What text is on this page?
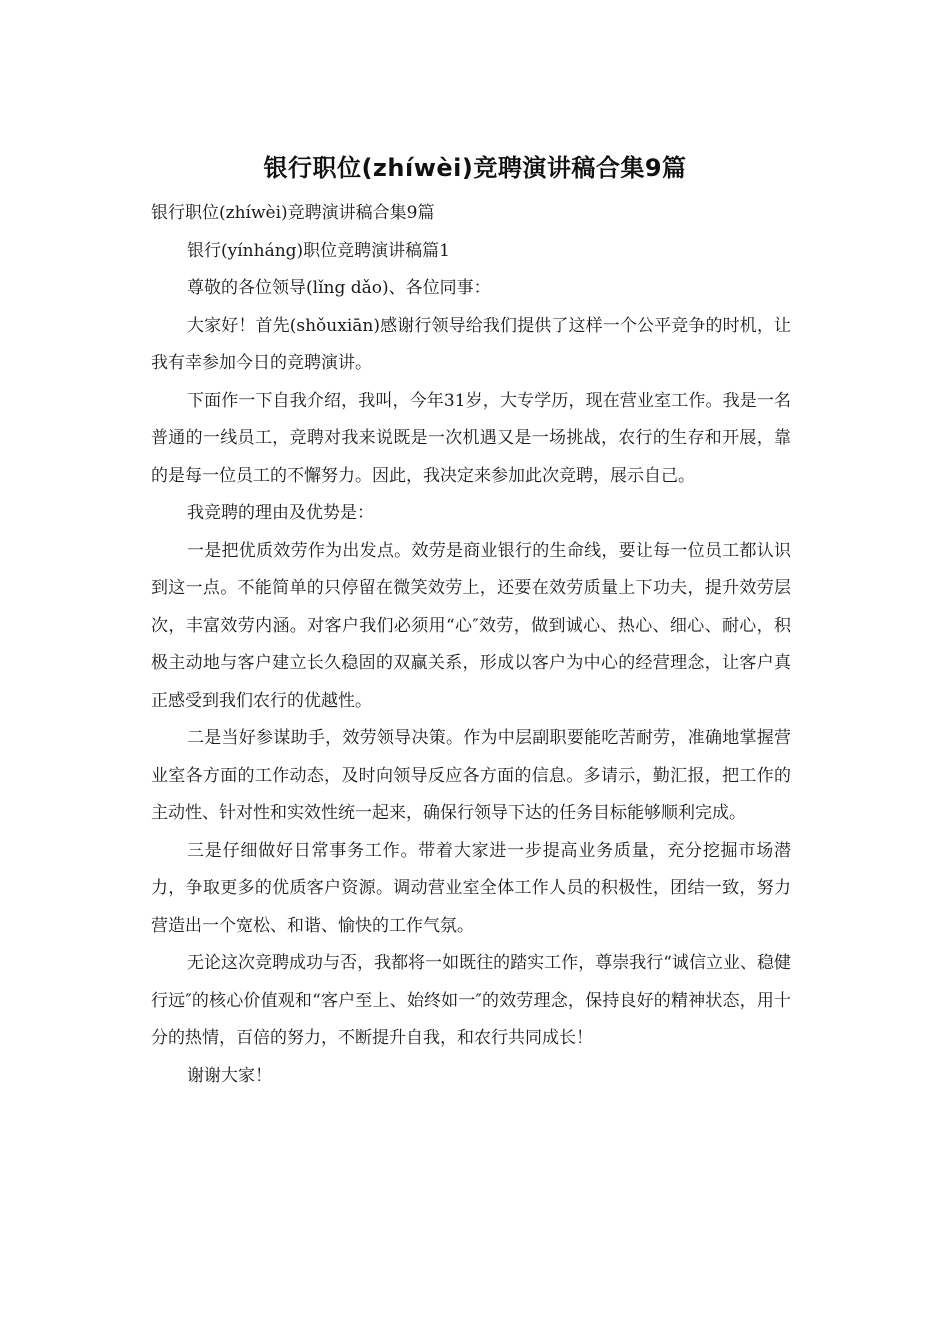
银行职位(zhíwèi)竞聘演讲稿合集9篇

银行职位(zhíwèi)竞聘演讲稿合集9篇

银行(yínháng)职位竞聘演讲稿篇1

尊敬的各位领导(lǐng dǎo)、各位同事：

大家好！首先(shǒuxiān)感谢行领导给我们提供了这样一个公平竞争的时机，让我有幸参加今日的竞聘演讲。

下面作一下自我介绍，我叫，今年31岁，大专学历，现在营业室工作。我是一名普通的一线员工，竞聘对我来说既是一次机遇又是一场挑战，农行的生存和开展，靠的是每一位员工的不懈努力。因此，我决定来参加此次竞聘，展示自己。

我竞聘的理由及优势是：

一是把优质效劳作为出发点。效劳是商业银行的生命线，要让每一位员工都认识到这一点。不能简单的只停留在微笑效劳上，还要在效劳质量上下功夫，提升效劳层次，丰富效劳内涵。对客户我们必须用“心″效劳，做到诚心、热心、细心、耐心，积极主动地与客户建立长久稳固的双赢关系，形成以客户为中心的经营理念，让客户真正感受到我们农行的优越性。

二是当好参谋助手，效劳领导决策。作为中层副职要能吃苦耐劳，准确地掌握营业室各方面的工作动态，及时向领导反应各方面的信息。多请示，勤汇报，把工作的主动性、针对性和实效性统一起来，确保行领导下达的任务目标能够顺利完成。

三是仔细做好日常事务工作。带着大家进一步提高业务质量，充分挖掘市场潜力，争取更多的优质客户资源。调动营业室全体工作人员的积极性，团结一致，努力营造出一个宽松、和谐、愉快的工作气氛。

无论这次竞聘成功与否，我都将一如既往的踏实工作，尊崇我行“诚信立业、稳健行远″的核心价值观和“客户至上、始终如一″的效劳理念，保持良好的精神状态，用十分的热情，百倍的努力，不断提升自我，和农行共同成长！

谢谢大家！
